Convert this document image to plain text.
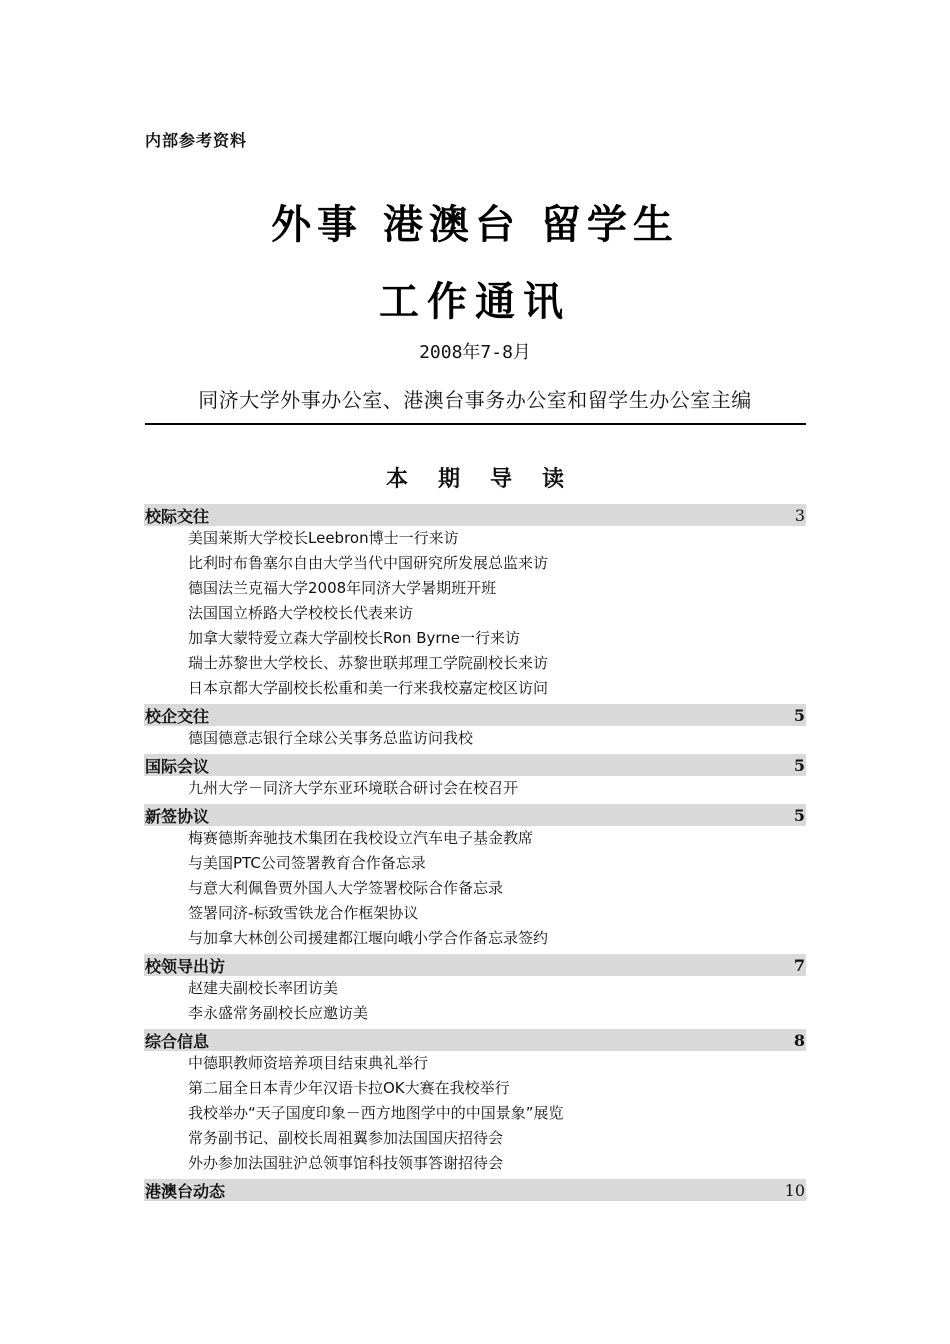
内部参考资料
外事 港澳台 留学生
工作通讯
2008年7-8月
同济大学外事办公室、港澳台事务办公室和留学生办公室主编
本期导读
校际交往	3
美国莱斯大学校长Leebron博士一行来访
比利时布鲁塞尔自由大学当代中国研究所发展总监来访
德国法兰克福大学2008年同济大学暑期班开班
法国国立桥路大学校校长代表来访
加拿大蒙特爱立森大学副校长Ron Byrne一行来访
瑞士苏黎世大学校长、苏黎世联邦理工学院副校长来访
日本京都大学副校长松重和美一行来我校嘉定校区访问
校企交往	5
德国德意志银行全球公关事务总监访问我校
国际会议	5
九州大学－同济大学东亚环境联合研讨会在校召开
新签协议	5
梅赛德斯奔驰技术集团在我校设立汽车电子基金教席
与美国PTC公司签署教育合作备忘录
与意大利佩鲁贾外国人大学签署校际合作备忘录
签署同济-标致雪铁龙合作框架协议
与加拿大林创公司援建都江堰向峨小学合作备忘录签约
校领导出访	7
赵建夫副校长率团访美
李永盛常务副校长应邀访美
综合信息	8
中德职教师资培养项目结束典礼举行
第二届全日本青少年汉语卡拉OK大赛在我校举行
我校举办“天子国度印象－西方地图学中的中国景象”展览
常务副书记、副校长周祖翼参加法国国庆招待会
外办参加法国驻沪总领事馆科技领事答谢招待会
港澳台动态	10
